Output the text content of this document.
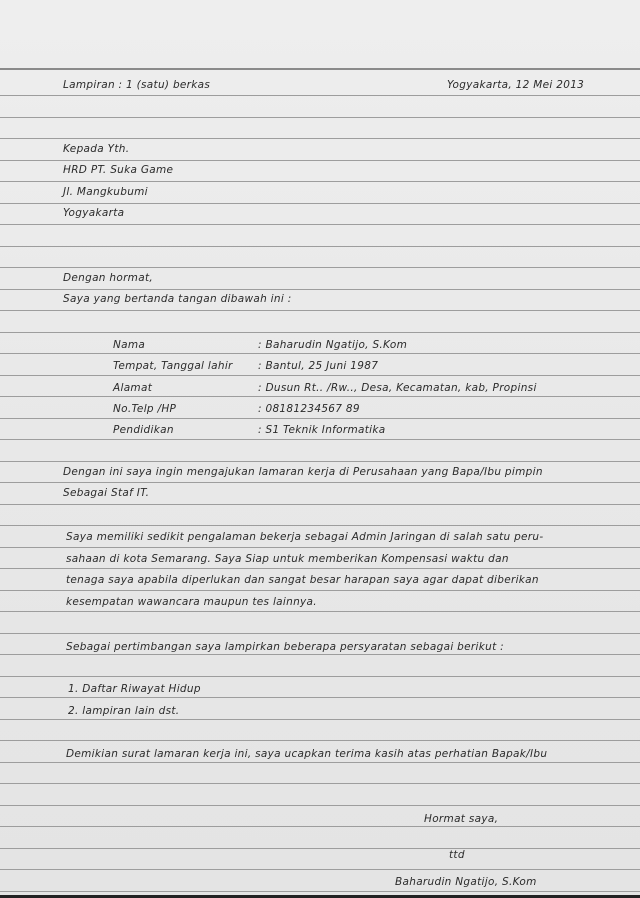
Lampiran : 1 (satu) berkas	Yogyakarta, 12 Mei 2013
Kepada Yth.
HRD PT. Suka Game
Jl. Mangkubumi
Yogyakarta
Dengan hormat,
Saya yang bertanda tangan dibawah ini :
Nama	: Baharudin Ngatijo, S.Kom
Tempat, Tanggal lahir : Bantul, 25 Juni 1987
Alamat	: Dusun Rt.. /Rw.., Desa, Kecamatan, kab, Propinsi
No.Telp /HP	: 08181234567 89
Pendidikan	: S1 Teknik Informatika
Dengan ini saya ingin mengajukan lamaran kerja di Perusahaan yang Bapa/Ibu pimpin
Sebagai Staf IT.
Saya memiliki sedikit pengalaman bekerja sebagai Admin Jaringan di salah satu peru-
sahaan di kota Semarang. Saya Siap untuk memberikan Kompensasi waktu dan
tenaga saya apabila diperlukan dan sangat besar harapan saya agar dapat diberikan
kesempatan wawancara maupun tes lainnya.
Sebagai pertimbangan saya lampirkan beberapa persyaratan sebagai berikut :
1. Daftar Riwayat Hidup
2. lampiran lain dst.
Demikian surat lamaran kerja ini, saya ucapkan terima kasih atas perhatian Bapak/Ibu
Hormat saya,
ttd
Baharudin Ngatijo, S.Kom
